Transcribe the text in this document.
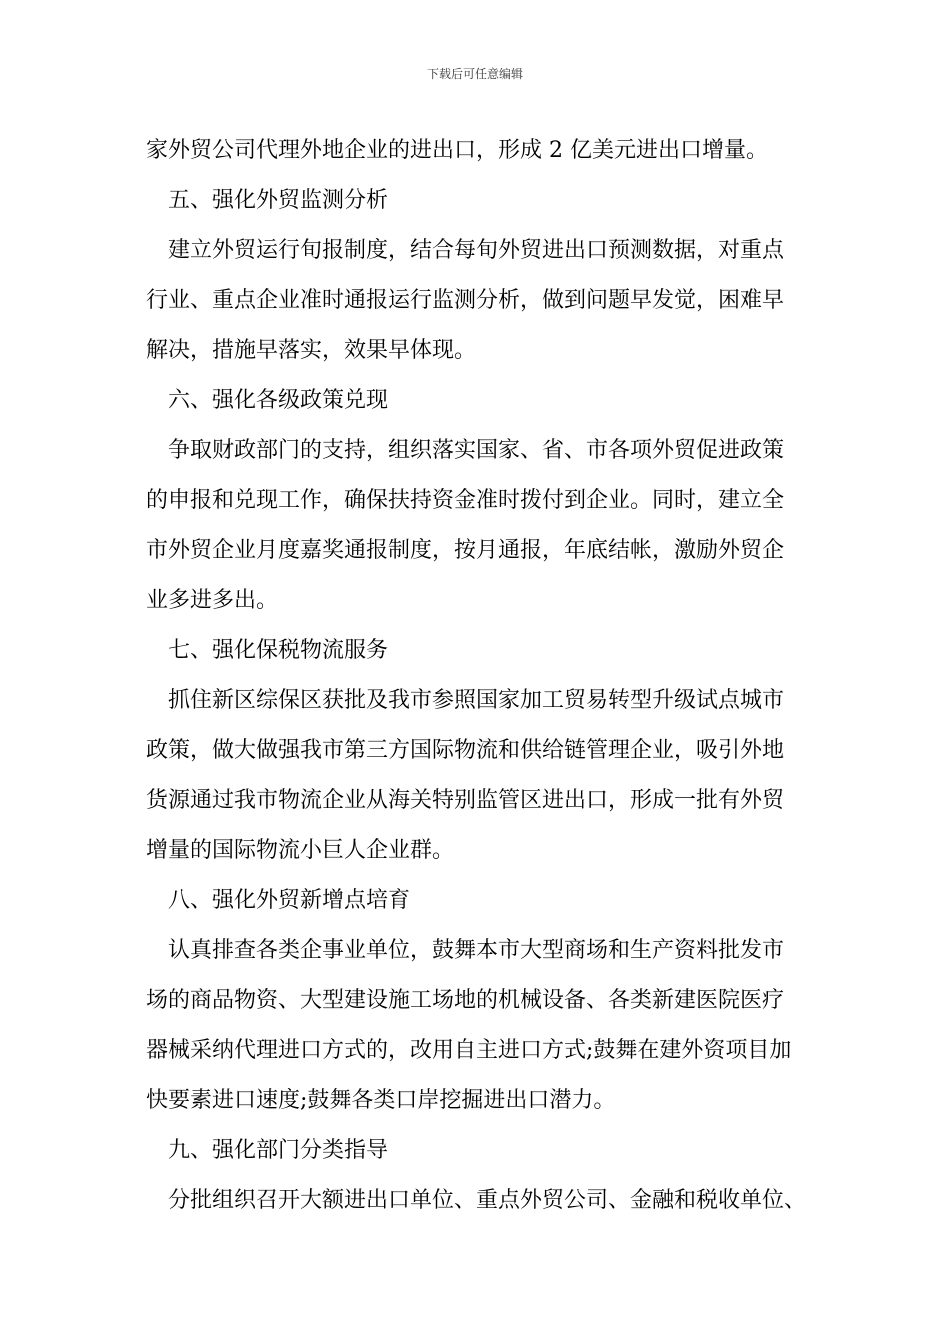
下载后可任意编辑
家外贸公司代理外地企业的进出口，形成 2 亿美元进出口增量。
五、强化外贸监测分析
建立外贸运行旬报制度，结合每旬外贸进出口预测数据，对重点
行业、重点企业准时通报运行监测分析，做到问题早发觉，困难早
解决，措施早落实，效果早体现。
六、强化各级政策兑现
争取财政部门的支持，组织落实国家、省、市各项外贸促进政策
的申报和兑现工作，确保扶持资金准时拨付到企业。同时，建立全
市外贸企业月度嘉奖通报制度，按月通报，年底结帐，激励外贸企
业多进多出。
七、强化保税物流服务
抓住新区综保区获批及我市参照国家加工贸易转型升级试点城市
政策，做大做强我市第三方国际物流和供给链管理企业，吸引外地
货源通过我市物流企业从海关特别监管区进出口，形成一批有外贸
增量的国际物流小巨人企业群。
八、强化外贸新增点培育
认真排查各类企事业单位，鼓舞本市大型商场和生产资料批发市
场的商品物资、大型建设施工场地的机械设备、各类新建医院医疗
器械采纳代理进口方式的，改用自主进口方式;鼓舞在建外资项目加
快要素进口速度;鼓舞各类口岸挖掘进出口潜力。
九、强化部门分类指导
分批组织召开大额进出口单位、重点外贸公司、金融和税收单位、
